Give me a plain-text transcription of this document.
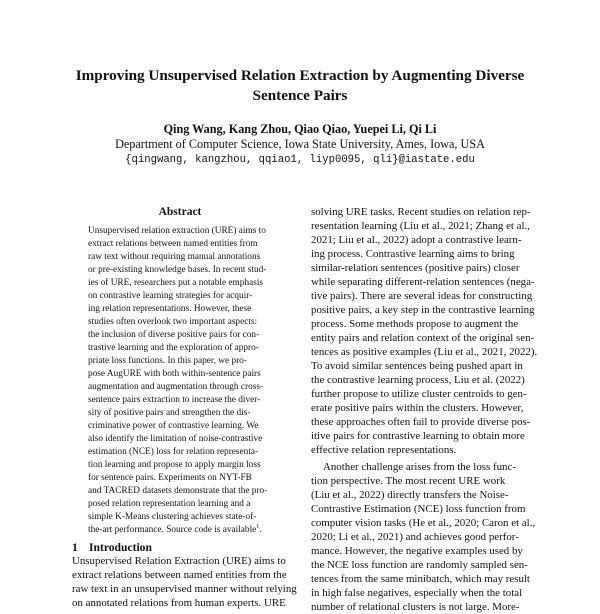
Improving Unsupervised Relation Extraction by Augmenting Diverse Sentence Pairs
Qing Wang, Kang Zhou, Qiao Qiao, Yuepei Li, Qi Li
Department of Computer Science, Iowa State University, Ames, Iowa, USA
{qingwang, kangzhou, qqiao1, liyp0095, qli}@iastate.edu
Abstract
Unsupervised relation extraction (URE) aims to
extract relations between named entities from
raw text without requiring manual annotations
or pre-existing knowledge bases. In recent stud-
ies of URE, researchers put a notable emphasis
on contrastive learning strategies for acquir-
ing relation representations. However, these
studies often overlook two important aspects:
the inclusion of diverse positive pairs for con-
trastive learning and the exploration of appro-
priate loss functions. In this paper, we pro-
pose AugURE with both within-sentence pairs
augmentation and augmentation through cross-
sentence pairs extraction to increase the diver-
sity of positive pairs and strengthen the dis-
criminative power of contrastive learning. We
also identify the limitation of noise-contrastive
estimation (NCE) loss for relation representa-
tion learning and propose to apply margin loss
for sentence pairs. Experiments on NYT-FB
and TACRED datasets demonstrate that the pro-
posed relation representation learning and a
simple K-Means clustering achieves state-of-
the-art performance. Source code is available$^1$.
1 Introduction
Unsupervised Relation Extraction (URE) aims to
extract relations between named entities from the
raw text in an unsupervised manner without relying
on annotated relations from human experts. URE
solving URE tasks. Recent studies on relation rep-
resentation learning (Liu et al., 2021; Zhang et al.,
2021; Liu et al., 2022) adopt a contrastive learn-
ing process. Contrastive learning aims to bring
similar-relation sentences (positive pairs) closer
while separating different-relation sentences (nega-
tive pairs). There are several ideas for constructing
positive pairs, a key step in the contrastive learning
process. Some methods propose to augment the
entity pairs and relation context of the original sen-
tences as positive examples (Liu et al., 2021, 2022).
To avoid similar sentences being pushed apart in
the contrastive learning process, Liu et al. (2022)
further propose to utilize cluster centroids to gen-
erate positive pairs within the clusters. However,
these approaches often fail to provide diverse pos-
itive pairs for contrastive learning to obtain more
effective relation representations.
Another challenge arises from the loss func-
tion perspective. The most recent URE work
(Liu et al., 2022) directly transfers the Noise-
Contrastive Estimation (NCE) loss function from
computer vision tasks (He et al., 2020; Caron et al.,
2020; Li et al., 2021) and achieves good perfor-
mance. However, the negative examples used by
the NCE loss function are randomly sampled sen-
tences from the same minibatch, which may result
in high false negatives, especially when the total
number of relational clusters is not large. More-
